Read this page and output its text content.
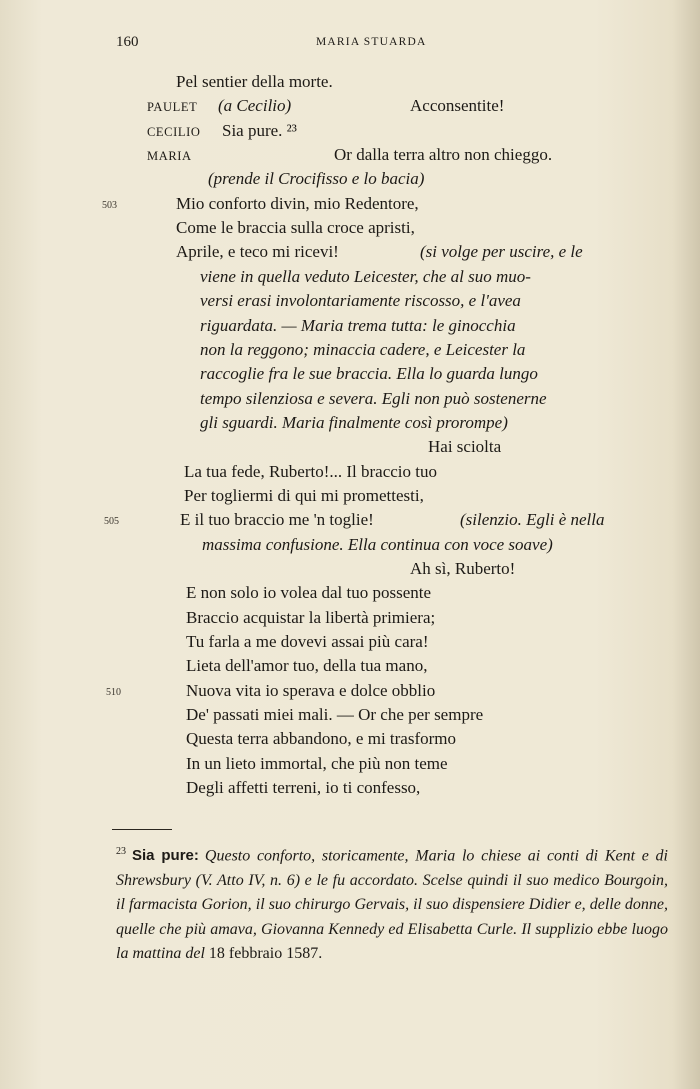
160	MARIA STUARDA
Pel sentier della morte.
PAULET (a Cecilio)	Acconsentite!
CECILIO Sia pure. ²³
MARIA	Or dalla terra altro non chieggo.
(prende il Crocifisso e lo bacia)
503	Mio conforto divin, mio Redentore,
Come le braccia sulla croce apristi,
Aprile, e teco mi ricevi!	(si volge per uscire, e le
viene in quella veduto Leicester, che al suo muo-
versi erasi involontariamente riscosso, e l'avea
riguardata. — Maria trema tutta: le ginocchia
non la reggono; minaccia cadere, e Leicester la
raccoglie fra le sue braccia. Ella lo guarda lungo
tempo silenziosa e severa. Egli non può sostenerne
gli sguardi. Maria finalmente così prorompe)
Hai sciolta
La tua fede, Ruberto!... Il braccio tuo
Per togliermi di qui mi promettesti,
505	E il tuo braccio me 'n toglie!	(silenzio. Egli è nella
massima confusione. Ella continua con voce soave)
Ah sì, Ruberto!
E non solo io volea dal tuo possente
Braccio acquistar la libertà primiera;
Tu farla a me dovevi assai più cara!
Lieta dell'amor tuo, della tua mano,
510	Nuova vita io sperava e dolce obblio
De' passati miei mali. — Or che per sempre
Questa terra abbandono, e mi trasformo
In un lieto immortal, che più non teme
Degli affetti terreni, io ti confesso,
$^{23}$ Sia pure: Questo conforto, storicamente, Maria lo chiese ai conti di Kent e di Shrewsbury (V. Atto IV, n. 6) e le fu accordato. Scelse quindi il suo medico Bourgoin, il farmacista Gorion, il suo chirurgo Gervais, il suo dispensiere Didier e, delle donne, quelle che più amava, Giovanna Kennedy ed Elisabetta Curle. Il supplizio ebbe luogo la mattina del 18 febbraio 1587.
